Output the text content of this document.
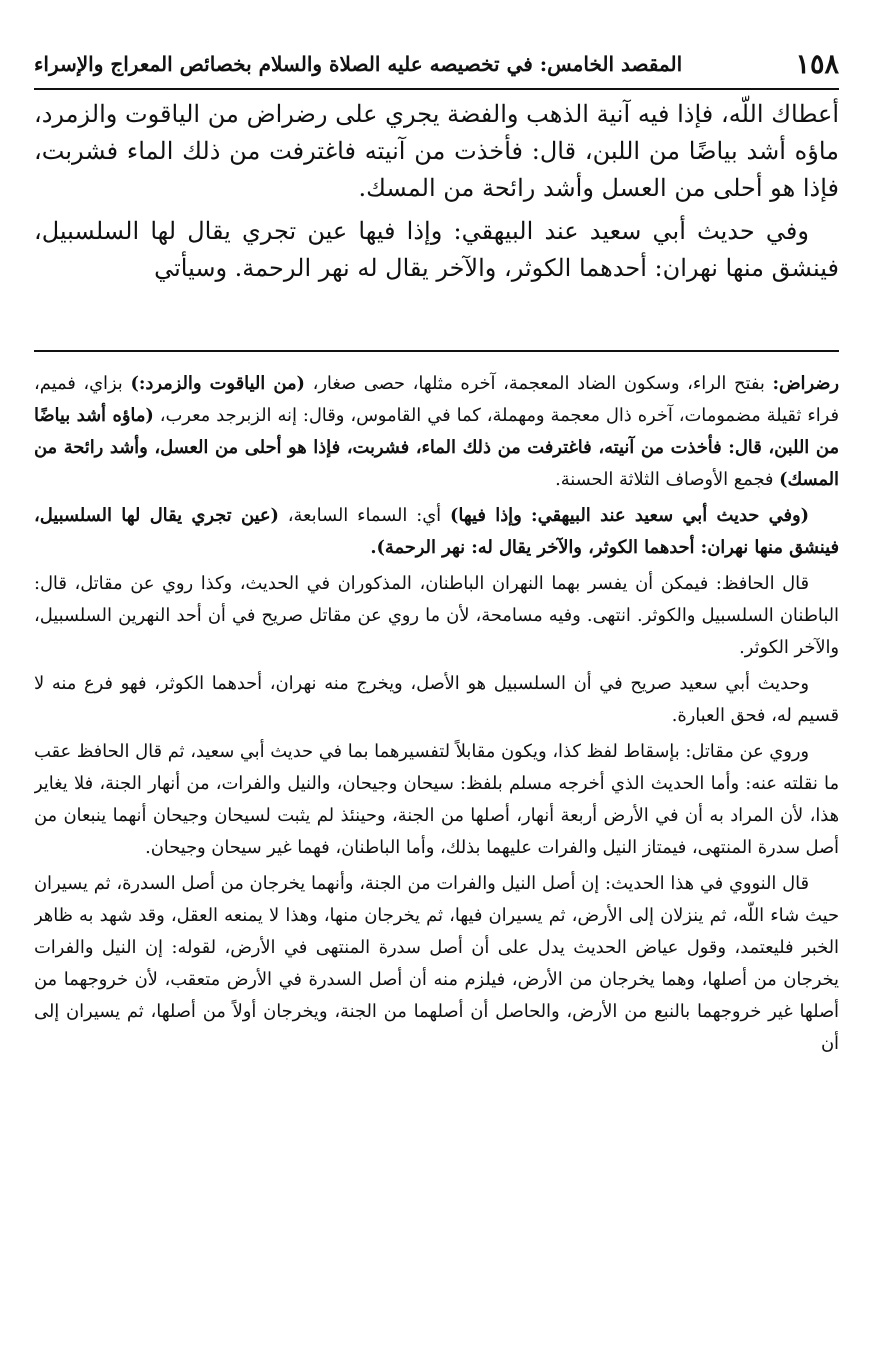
١٥٨
المقصد الخامس: في تخصيصه عليه الصلاة والسلام بخصائص المعراج والإسراء

أعطاك اللّه، فإذا فيه آنية الذهب والفضة يجري على رضراض من الياقوت والزمرد، ماؤه أشد بياضًا من اللبن، قال: فأخذت من آنيته فاغترفت من ذلك الماء فشربت، فإذا هو أحلى من العسل وأشد رائحة من المسك.

وفي حديث أبي سعيد عند البيهقي: وإذا فيها عين تجري يقال لها السلسبيل، فينشق منها نهران: أحدهما الكوثر، والآخر يقال له نهر الرحمة. وسيأتي

رضراض: بفتح الراء، وسكون الضاد المعجمة، آخره مثلها، حصى صغار، (من الياقوت والزمرد:) بزاي، فميم، فراء ثقيلة مضمومات، آخره ذال معجمة ومهملة، كما في القاموس، وقال: إنه الزبرجد معرب، (ماؤه أشد بياضًا من اللبن، قال: فأخذت من آنيته، فاغترفت من ذلك الماء، فشربت، فإذا هو أحلى من العسل، وأشد رائحة من المسك) فجمع الأوصاف الثلاثة الحسنة.

(وفي حديث أبي سعيد عند البيهقي: وإذا فيها) أي: السماء السابعة، (عين تجري يقال لها السلسبيل، فينشق منها نهران: أحدهما الكوثر، والآخر يقال له: نهر الرحمة).

قال الحافظ: فيمكن أن يفسر بهما النهران الباطنان، المذكوران في الحديث، وكذا روي عن مقاتل، قال: الباطنان السلسبيل والكوثر. انتهى. وفيه مسامحة، لأن ما روي عن مقاتل صريح في أن أحد النهرين السلسبيل، والآخر الكوثر.

وحديث أبي سعيد صريح في أن السلسبيل هو الأصل، ويخرج منه نهران، أحدهما الكوثر، فهو فرع منه لا قسيم له، فحق العبارة.

وروي عن مقاتل: بإسقاط لفظ كذا، ويكون مقابلاً لتفسيرهما بما في حديث أبي سعيد، ثم قال الحافظ عقب ما نقلته عنه: وأما الحديث الذي أخرجه مسلم بلفظ: سيحان وجيحان، والنيل والفرات، من أنهار الجنة، فلا يغاير هذا، لأن المراد به أن في الأرض أربعة أنهار، أصلها من الجنة، وحينئذ لم يثبت لسيحان وجيحان أنهما ينبعان من أصل سدرة المنتهى، فيمتاز النيل والفرات عليهما بذلك، وأما الباطنان، فهما غير سيحان وجيحان.

قال النووي في هذا الحديث: إن أصل النيل والفرات من الجنة، وأنهما يخرجان من أصل السدرة، ثم يسيران حيث شاء اللّه، ثم ينزلان إلى الأرض، ثم يسيران فيها، ثم يخرجان منها، وهذا لا يمنعه العقل، وقد شهد به ظاهر الخبر فليعتمد، وقول عياض الحديث يدل على أن أصل سدرة المنتهى في الأرض، لقوله: إن النيل والفرات يخرجان من أصلها، وهما يخرجان من الأرض، فيلزم منه أن أصل السدرة في الأرض متعقب، لأن خروجهما من أصلها غير خروجهما بالنبع من الأرض، والحاصل أن أصلهما من الجنة، ويخرجان أولاً من أصلها، ثم يسيران إلى أن
